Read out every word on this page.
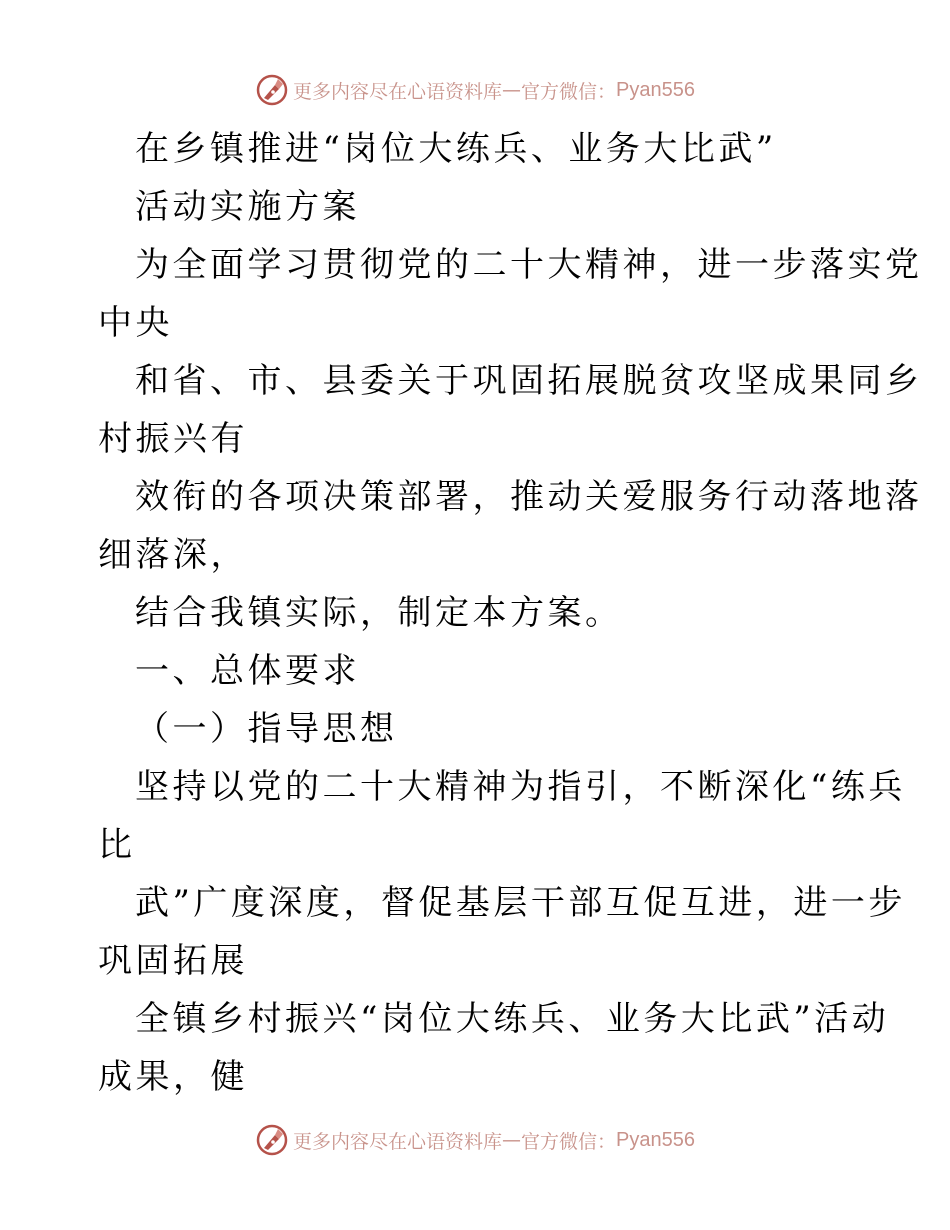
更多内容尽在心语资料库 — 官方微信： Pyan556
在乡镇推进“岗位大练兵、业务大比武”
活动实施方案
为全面学习贯彻党的二十大精神，进一步落实党
中央
和省、市、县委关于巩固拓展脱贫攻坚成果同乡
村振兴有
效衔的各项决策部署，推动关爱服务行动落地落
细落深，
结合我镇实际，制定本方案。
一、总体要求
（一）指导思想
坚持以党的二十大精神为指引，不断深化“练兵
比
武”广度深度，督促基层干部互促互进，进一步
巩固拓展
全镇乡村振兴“岗位大练兵、业务大比武”活动
成果，健
更多内容尽在心语资料库 — 官方微信： Pyan556
